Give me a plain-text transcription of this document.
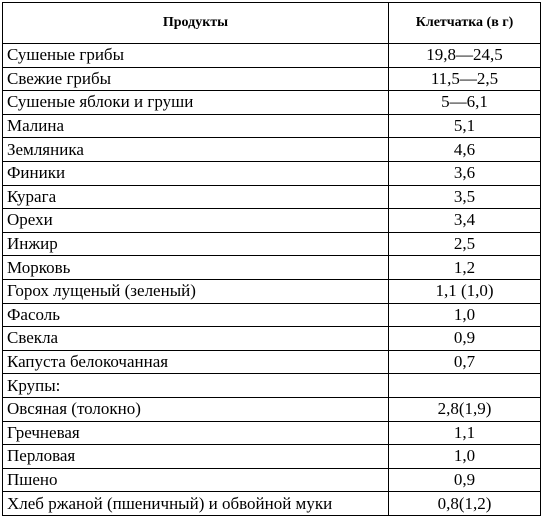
Продукты	Клетчатка (в г)
Сушеные грибы	19,8—24,5
Свежие грибы	11,5—2,5
Сушеные яблоки и груши	5—6,1
Малина	5,1
Земляника	4,6
Финики	3,6
Курага	3,5
Орехи	3,4
Инжир	2,5
Морковь	1,2
Горох лущеный (зеленый)	1,1 (1,0)
Фасоль	1,0
Свекла	0,9
Капуста белокочанная	0,7
Крупы:	
Овсяная (толокно)	2,8(1,9)
Гречневая	1,1
Перловая	1,0
Пшено	0,9
Хлеб ржаной (пшеничный) и обвойной муки	0,8(1,2)
